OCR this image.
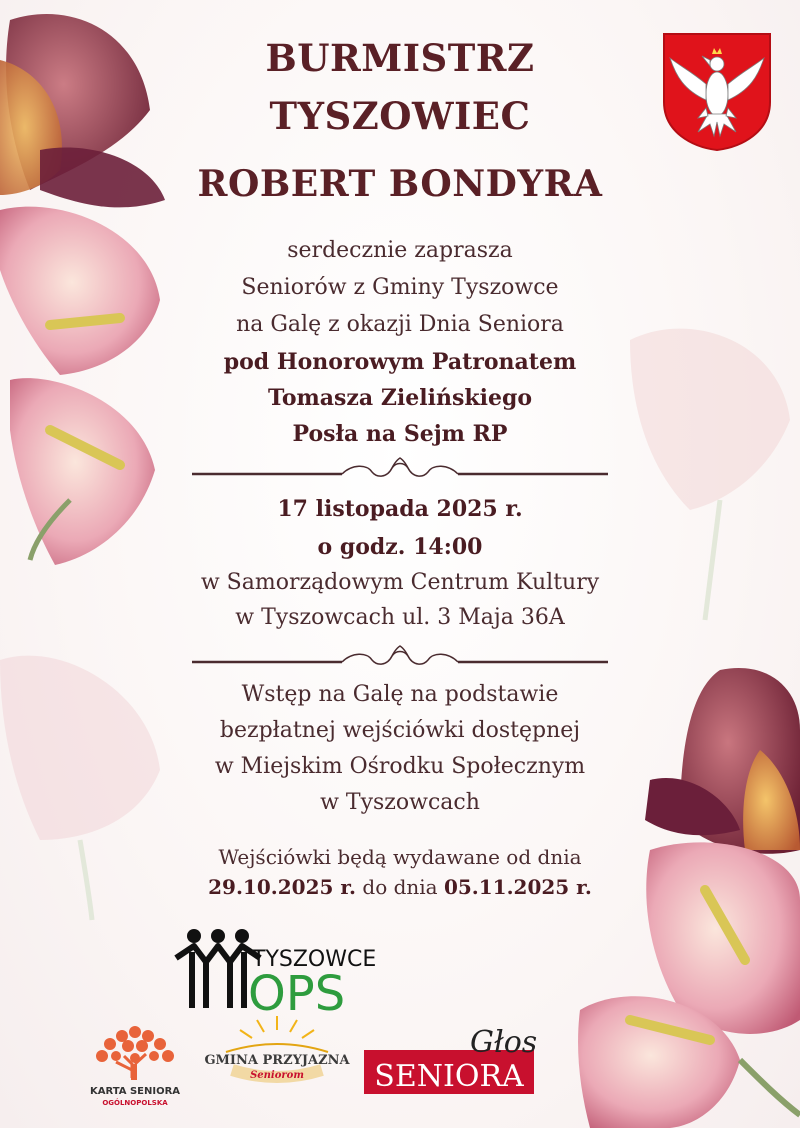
BURMISTRZ
TYSZOWIEC
ROBERT BONDYRA
serdecznie zaprasza
Seniorów z Gminy Tyszowce
na Galę z okazji Dnia Seniora
pod Honorowym Patronatem
Tomasza Zielińskiego
Posła na Sejm RP
17 listopada 2025 r.
o godz. 14:00
w Samorządowym Centrum Kultury
w Tyszowcach ul. 3 Maja 36A
Wstęp na Galę na podstawie
bezpłatnej wejściówki dostępnej
w Miejskim Ośrodku Społecznym
w Tyszowcach
Wejściówki będą wydawane od dnia
29.10.2025 r. do dnia 05.11.2025 r.
TYSZOWCE
OPS
KARTA SENIORA
OGÓLNOPOLSKA
GMINA PRZYJAZNA
Seniorom
Głos
SENIORA
